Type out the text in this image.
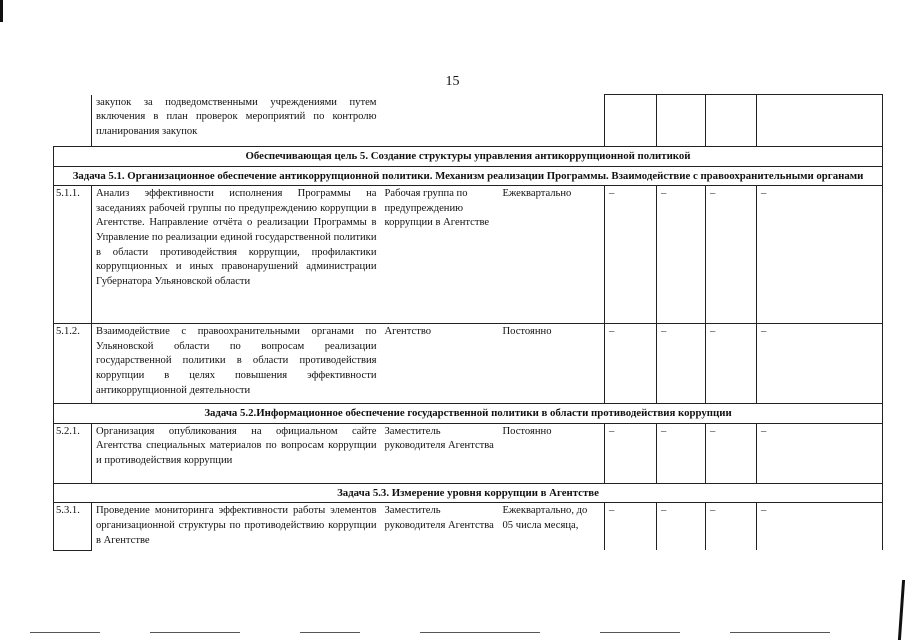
15
	закупок за подведомственными учреждениями путем включения в план проверок мероприятий по контролю планирования закупок						
Обеспечивающая цель 5. Создание структуры управления антикоррупционной политикой							
Задача 5.1. Организационное обеспечение антикоррупционной политики. Механизм реализации Программы. Взаимодействие с правоохранительными органами							
5.1.1.	Анализ эффективности исполнения Программы на заседаниях рабочей группы по предупреждению коррупции в Агентстве. Направление отчёта о реализации Программы в Управление по реализации единой государственной политики в области противодействия коррупции, профилактики коррупционных и иных правонарушений администрации Губернатора Ульяновской области	Рабочая группа по предупреждению коррупции в Агентстве	Ежеквартально	–	–	–	–
5.1.2.	Взаимодействие с правоохранительными органами по Ульяновской области по вопросам реализации государственной политики в области противодействия коррупции в целях повышения эффективности антикоррупционной деятельности	Агентство	Постоянно	–	–	–	–
Задача 5.2.Информационное обеспечение государственной политики в области противодействия коррупции							
5.2.1.	Организация опубликования на официальном сайте Агентства специальных материалов по вопросам коррупции и противодействия коррупции	Заместитель руководителя Агентства	Постоянно	–	–	–	–
Задача 5.3. Измерение уровня коррупции в Агентстве							
5.3.1.	Проведение мониторинга эффективности работы элементов организационной структуры по противодействию коррупции в Агентстве	Заместитель руководителя Агентства	Ежеквартально, до 05 числа месяца,	–	–	–	–
